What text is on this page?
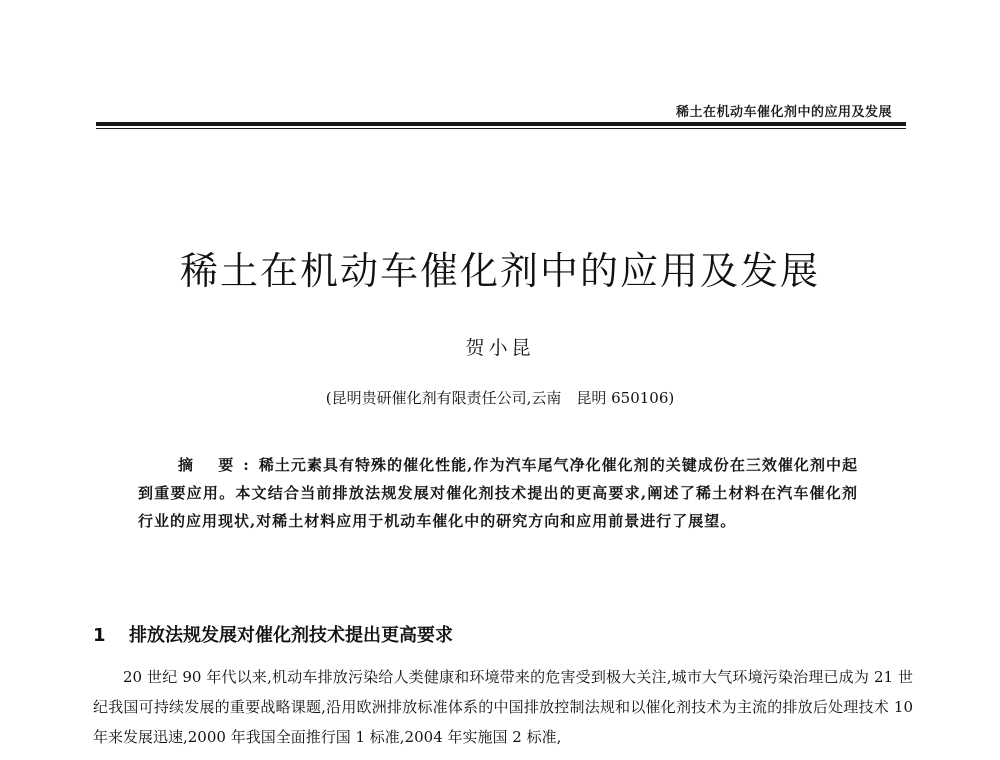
稀土在机动车催化剂中的应用及发展
稀土在机动车催化剂中的应用及发展
贺小昆
(昆明贵研催化剂有限责任公司,云南　昆明 650106)
摘 要:稀土元素具有特殊的催化性能,作为汽车尾气净化催化剂的关键成份在三效催化剂中起到重要应用。本文结合当前排放法规发展对催化剂技术提出的更高要求,阐述了稀土材料在汽车催化剂行业的应用现状,对稀土材料应用于机动车催化中的研究方向和应用前景进行了展望。
1 排放法规发展对催化剂技术提出更高要求
20 世纪 90 年代以来,机动车排放污染给人类健康和环境带来的危害受到极大关注,城市大气环境污染治理已成为 21 世纪我国可持续发展的重要战略课题,沿用欧洲排放标准体系的中国排放控制法规和以催化剂技术为主流的排放后处理技术 10 年来发展迅速,2000 年我国全面推行国 1 标准,2004 年实施国 2 标准,
